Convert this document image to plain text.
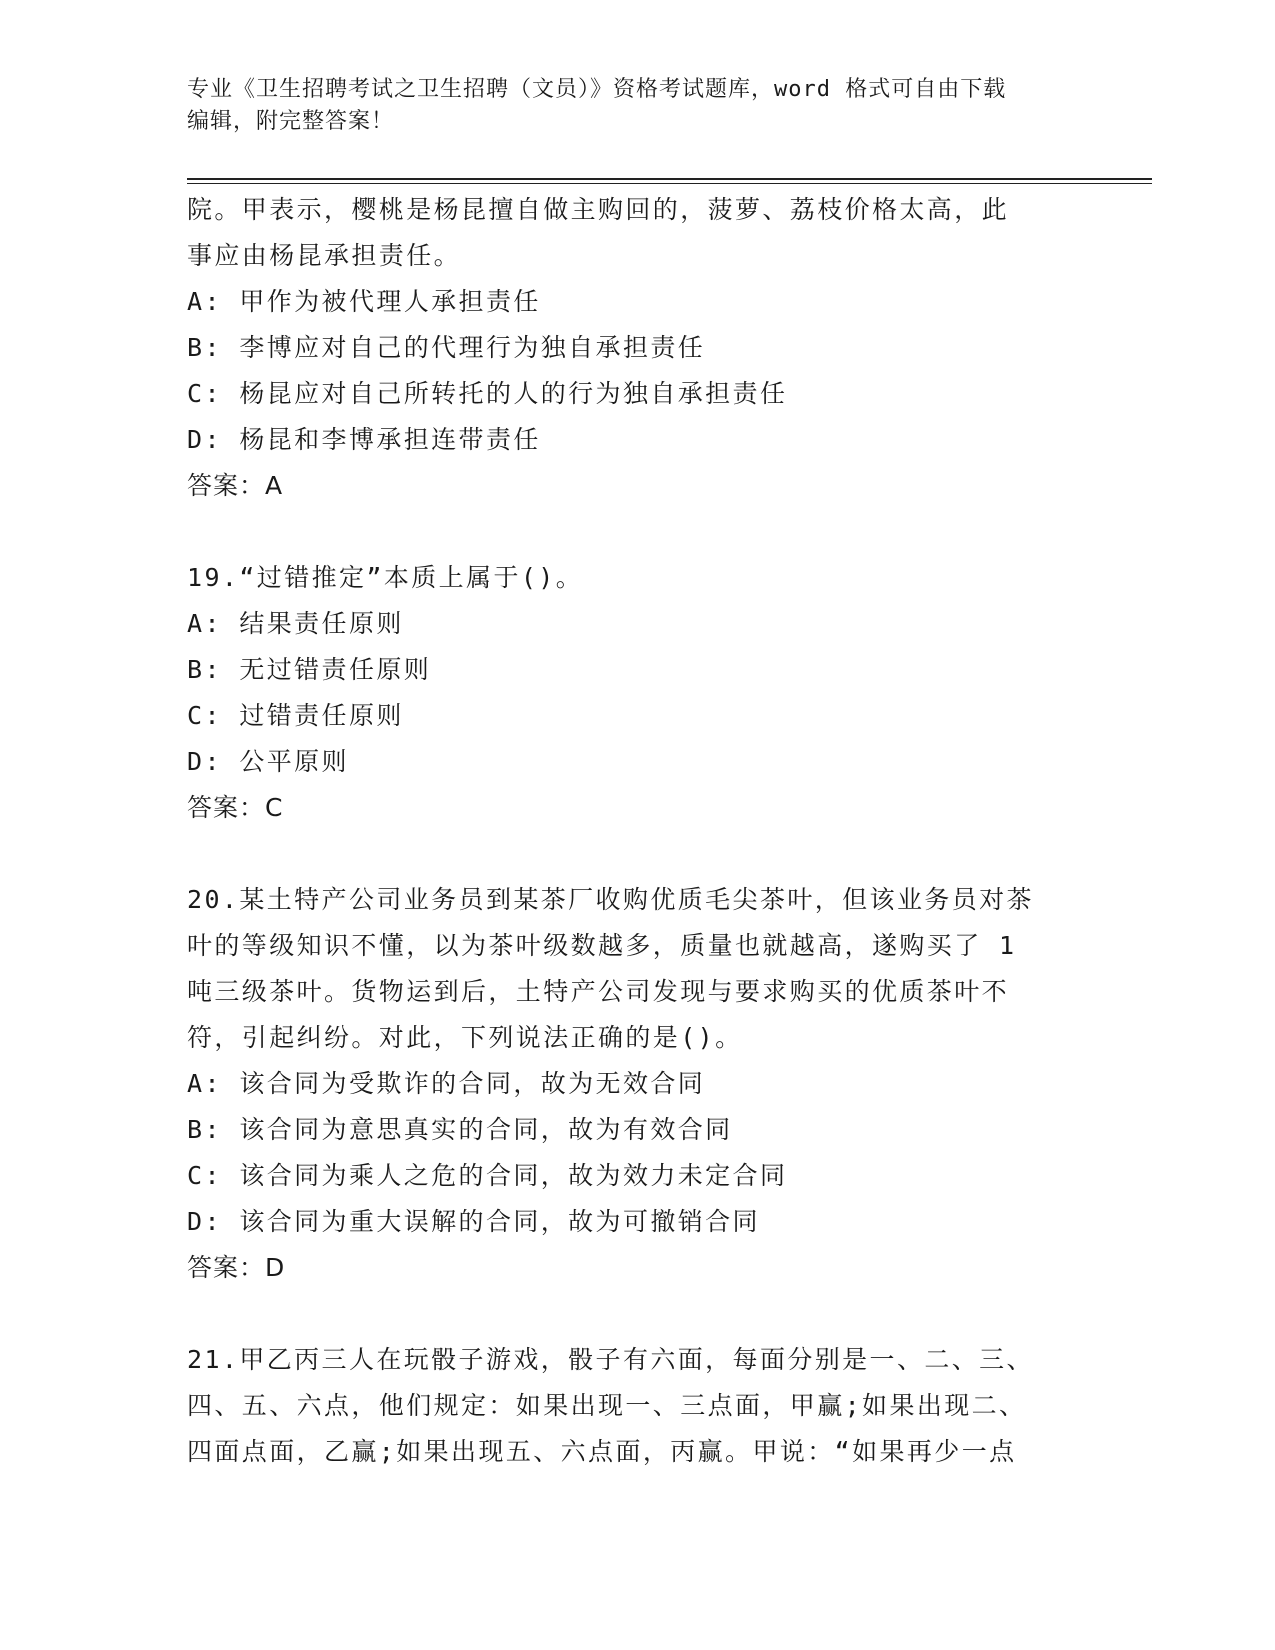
专业《卫生招聘考试之卫生招聘（文员）》资格考试题库，word 格式可自由下载
编辑，附完整答案！
院。甲表示，樱桃是杨昆擅自做主购回的，菠萝、荔枝价格太高，此
事应由杨昆承担责任。
A: 甲作为被代理人承担责任
B: 李博应对自己的代理行为独自承担责任
C: 杨昆应对自己所转托的人的行为独自承担责任
D: 杨昆和李博承担连带责任
答案：A
19.“过错推定”本质上属于()。
A: 结果责任原则
B: 无过错责任原则
C: 过错责任原则
D: 公平原则
答案：C
20.某土特产公司业务员到某茶厂收购优质毛尖茶叶，但该业务员对茶
叶的等级知识不懂，以为茶叶级数越多，质量也就越高，遂购买了 1
吨三级茶叶。货物运到后，土特产公司发现与要求购买的优质茶叶不
符，引起纠纷。对此，下列说法正确的是()。
A: 该合同为受欺诈的合同，故为无效合同
B: 该合同为意思真实的合同，故为有效合同
C: 该合同为乘人之危的合同，故为效力未定合同
D: 该合同为重大误解的合同，故为可撤销合同
答案：D
21.甲乙丙三人在玩骰子游戏，骰子有六面，每面分别是一、二、三、
四、五、六点，他们规定：如果出现一、三点面，甲赢;如果出现二、
四面点面，乙赢;如果出现五、六点面，丙赢。甲说：“如果再少一点
